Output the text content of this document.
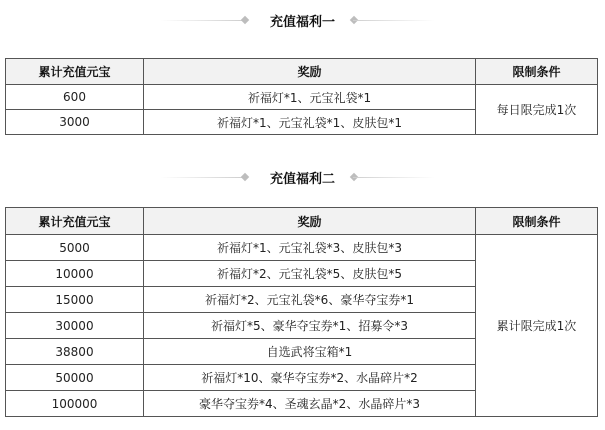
充值福利一
累计充值元宝	奖励	限制条件
600	祈福灯*1、元宝礼袋*1	每日限完成1次
3000	祈福灯*1、元宝礼袋*1、皮肤包*1	
充值福利二
累计充值元宝	奖励	限制条件
5000	祈福灯*1、元宝礼袋*3、皮肤包*3	累计限完成1次
10000	祈福灯*2、元宝礼袋*5、皮肤包*5	
15000	祈福灯*2、元宝礼袋*6、豪华夺宝券*1	
30000	祈福灯*5、豪华夺宝券*1、招募令*3	
38800	自选武将宝箱*1	
50000	祈福灯*10、豪华夺宝券*2、水晶碎片*2	
100000	豪华夺宝券*4、圣魂玄晶*2、水晶碎片*3	
